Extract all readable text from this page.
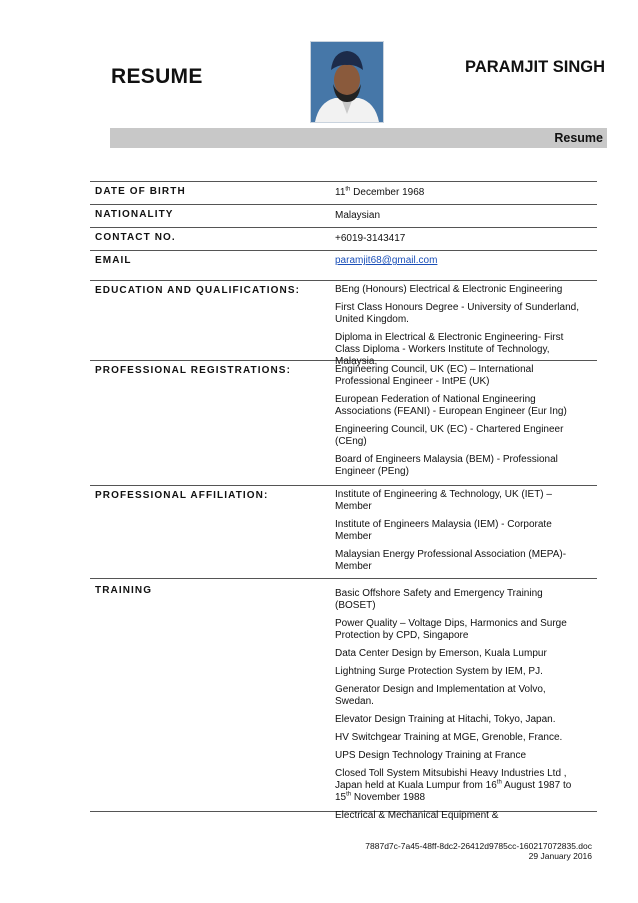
RESUME	PARAMJIT SINGH
Resume
DATE OF BIRTH	11th December 1968
NATIONALITY	Malaysian
CONTACT NO.	+6019-3143417
EMAIL	paramjit68@gmail.com
EDUCATION AND QUALIFICATIONS:	BEng (Honours) Electrical & Electronic Engineering

First Class Honours Degree - University of Sunderland, United Kingdom.

Diploma in Electrical & Electronic Engineering- First Class Diploma - Workers Institute of Technology, Malaysia.

PROFESSIONAL REGISTRATIONS:	Engineering Council, UK (EC) – International Professional Engineer - IntPE (UK)

European Federation of National Engineering Associations (FEANI) - European Engineer (Eur Ing)

Engineering Council, UK (EC) - Chartered Engineer (CEng)

Board of Engineers Malaysia (BEM) - Professional Engineer (PEng)

PROFESSIONAL AFFILIATION:	Institute of Engineering & Technology, UK (IET) – Member

Institute of Engineers Malaysia (IEM) - Corporate Member

Malaysian Energy Professional Association (MEPA)- Member

TRAINING	Basic Offshore Safety and Emergency Training (BOSET)

Power Quality – Voltage Dips, Harmonics and Surge Protection by CPD, Singapore

Data Center Design by Emerson, Kuala Lumpur

Lightning Surge Protection System by IEM, PJ.

Generator Design and Implementation at Volvo, Swedan.

Elevator Design Training at Hitachi, Tokyo, Japan.

HV Switchgear Training at MGE, Grenoble, France.

UPS Design Technology Training at France

Closed Toll System Mitsubishi Heavy Industries Ltd , Japan held at Kuala Lumpur from 16th August 1987 to 15th November 1988

Electrical & Mechanical Equipment &

7887d7c-7a45-48ff-8dc2-26412d9785cc-160217072835.doc
29 January 2016
